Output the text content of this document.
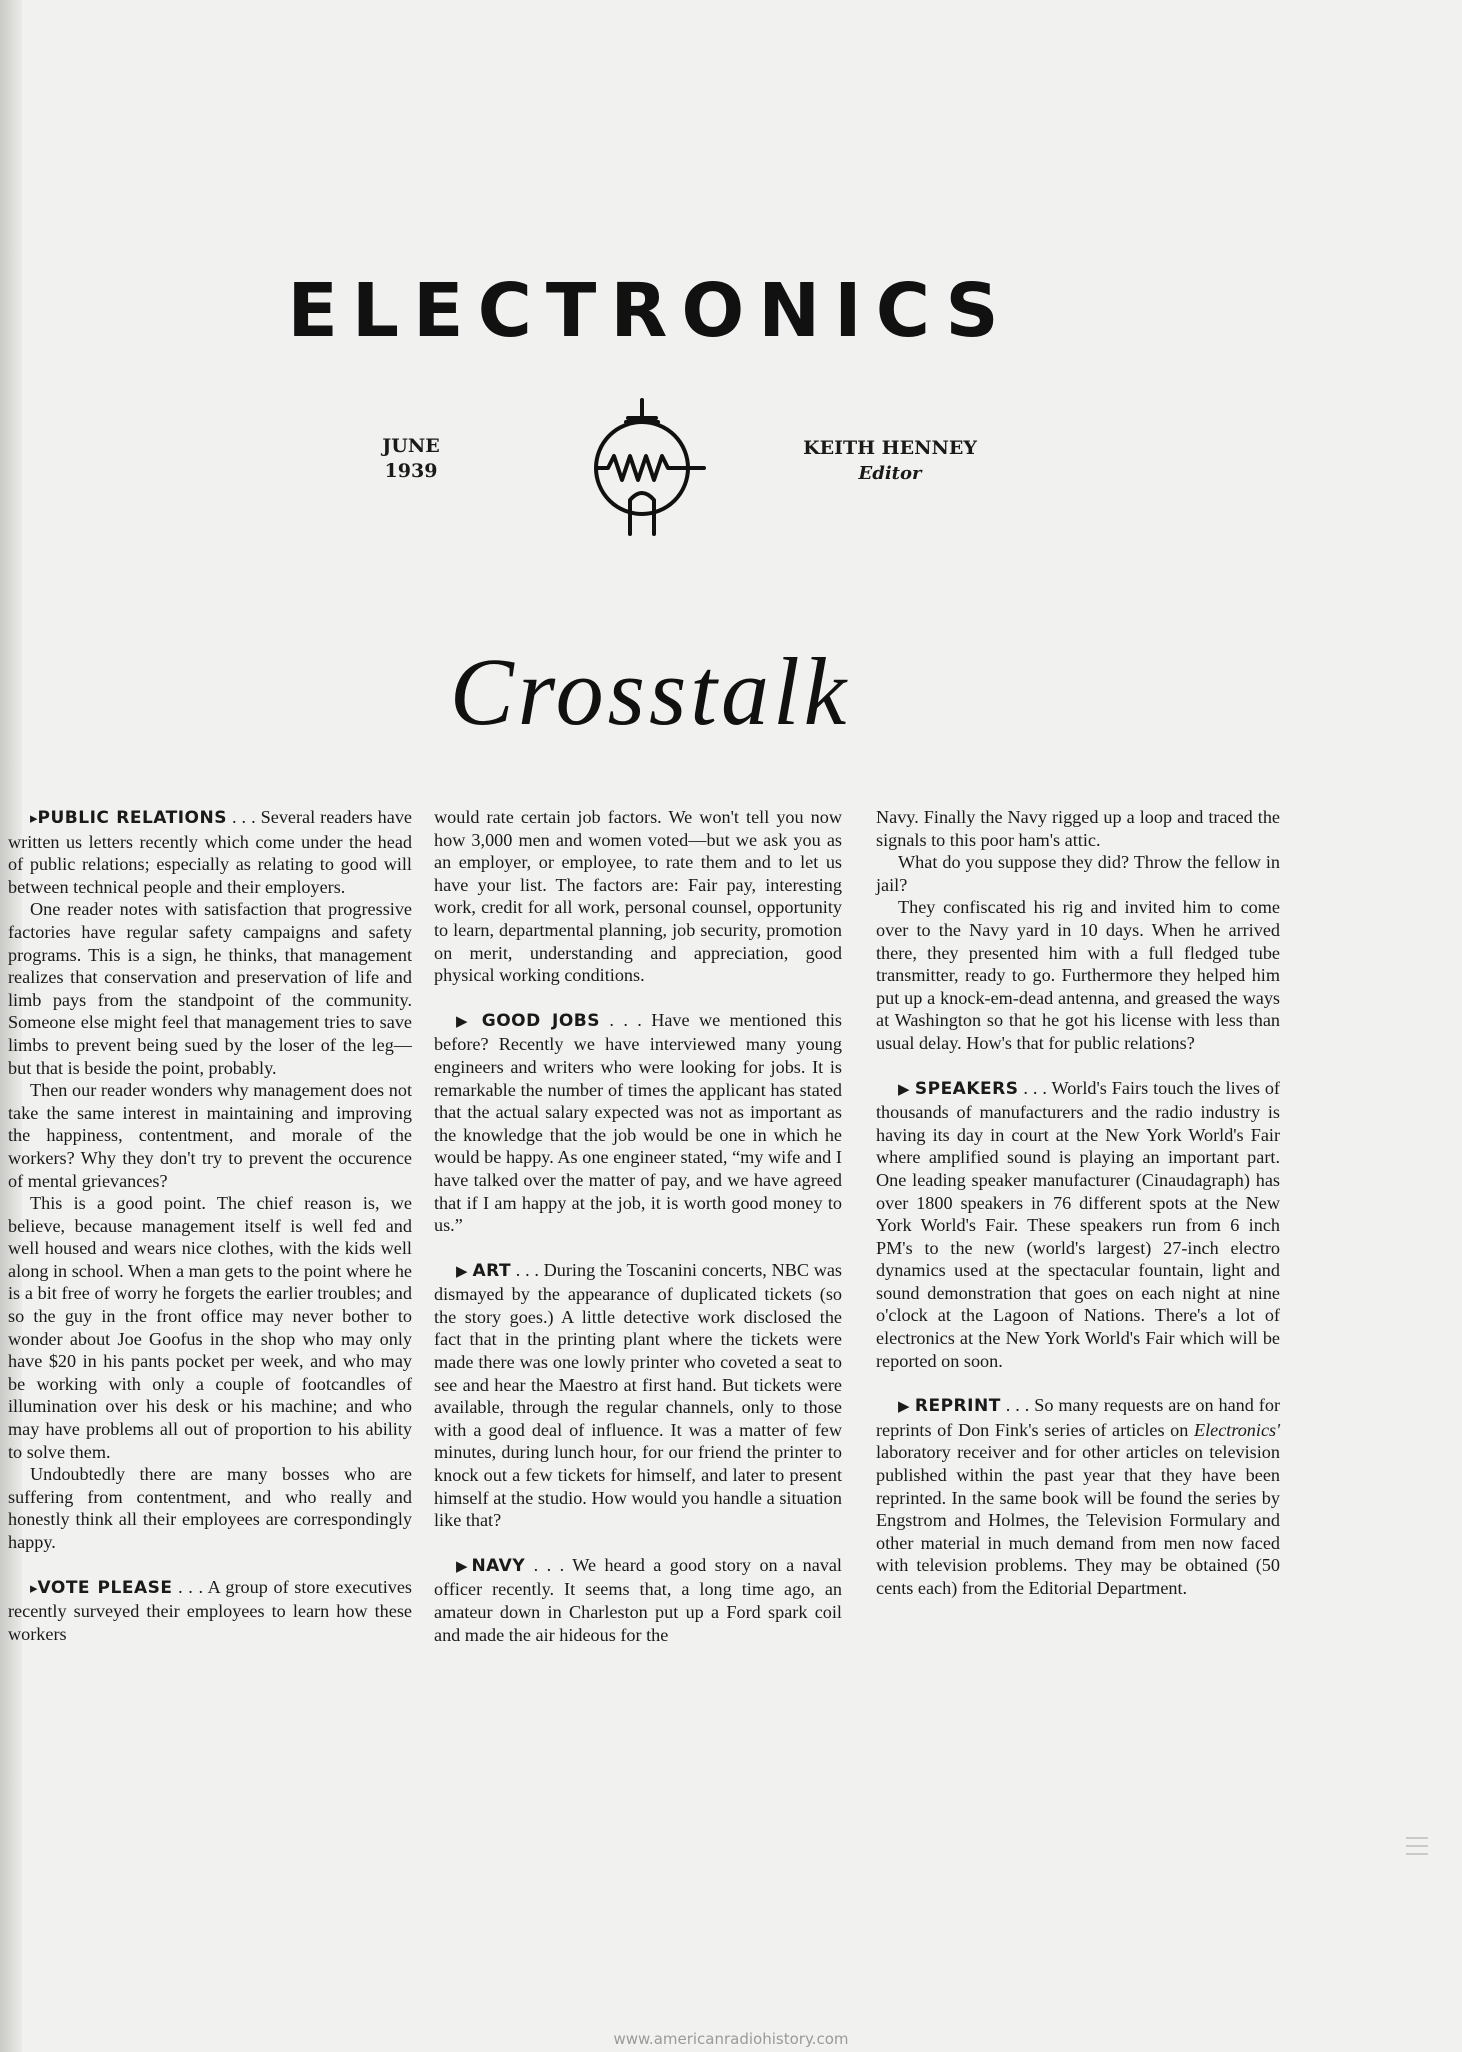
ELECTRONICS
JUNE
1939
KEITH HENNEY
Editor
Crosstalk

▸PUBLIC RELATIONS . . . Several readers have written us letters recently which come under the head of public relations; especially as relating to good will between technical people and their employers.

One reader notes with satisfaction that progressive factories have regular safety campaigns and safety programs. This is a sign, he thinks, that management realizes that conservation and preservation of life and limb pays from the standpoint of the community. Someone else might feel that management tries to save limbs to prevent being sued by the loser of the leg—but that is beside the point, probably.

Then our reader wonders why management does not take the same interest in maintaining and improving the happiness, contentment, and morale of the workers? Why they don't try to prevent the occurence of mental grievances?

This is a good point. The chief reason is, we believe, because management itself is well fed and well housed and wears nice clothes, with the kids well along in school. When a man gets to the point where he is a bit free of worry he forgets the earlier troubles; and so the guy in the front office may never bother to wonder about Joe Goofus in the shop who may only have $20 in his pants pocket per week, and who may be working with only a couple of footcandles of illumination over his desk or his machine; and who may have problems all out of proportion to his ability to solve them.

Undoubtedly there are many bosses who are suffering from contentment, and who really and honestly think all their employees are correspondingly happy.

▸VOTE PLEASE . . . A group of store executives recently surveyed their employees to learn how these workers

would rate certain job factors. We won't tell you now how 3,000 men and women voted—but we ask you as an employer, or employee, to rate them and to let us have your list. The factors are: Fair pay, interesting work, credit for all work, personal counsel, opportunity to learn, departmental planning, job security, promotion on merit, understanding and appreciation, good physical working conditions.

▶ GOOD JOBS . . . Have we mentioned this before? Recently we have interviewed many young engineers and writers who were looking for jobs. It is remarkable the number of times the applicant has stated that the actual salary expected was not as important as the knowledge that the job would be one in which he would be happy. As one engineer stated, “my wife and I have talked over the matter of pay, and we have agreed that if I am happy at the job, it is worth good money to us.”

▶ ART . . . During the Toscanini concerts, NBC was dismayed by the appearance of duplicated tickets (so the story goes.) A little detective work disclosed the fact that in the printing plant where the tickets were made there was one lowly printer who coveted a seat to see and hear the Maestro at first hand. But tickets were available, through the regular channels, only to those with a good deal of influence. It was a matter of few minutes, during lunch hour, for our friend the printer to knock out a few tickets for himself, and later to present himself at the studio. How would you handle a situation like that?

▶NAVY . . . We heard a good story on a naval officer recently. It seems that, a long time ago, an amateur down in Charleston put up a Ford spark coil and made the air hideous for the

Navy. Finally the Navy rigged up a loop and traced the signals to this poor ham's attic.

What do you suppose they did? Throw the fellow in jail?

They confiscated his rig and invited him to come over to the Navy yard in 10 days. When he arrived there, they presented him with a full fledged tube transmitter, ready to go. Furthermore they helped him put up a knock-em-dead antenna, and greased the ways at Washington so that he got his license with less than usual delay. How's that for public relations?

▶ SPEAKERS . . . World's Fairs touch the lives of thousands of manufacturers and the radio industry is having its day in court at the New York World's Fair where amplified sound is playing an important part. One leading speaker manufacturer (Cinaudagraph) has over 1800 speakers in 76 different spots at the New York World's Fair. These speakers run from 6 inch PM's to the new (world's largest) 27-inch electro dynamics used at the spectacular fountain, light and sound demonstration that goes on each night at nine o'clock at the Lagoon of Nations. There's a lot of electronics at the New York World's Fair which will be reported on soon.

▶ REPRINT . . . So many requests are on hand for reprints of Don Fink's series of articles on Electronics' laboratory receiver and for other articles on television published within the past year that they have been reprinted. In the same book will be found the series by Engstrom and Holmes, the Television Formulary and other material in much demand from men now faced with television problems. They may be obtained (50 cents each) from the Editorial Department.

www.americanradiohistory.com
